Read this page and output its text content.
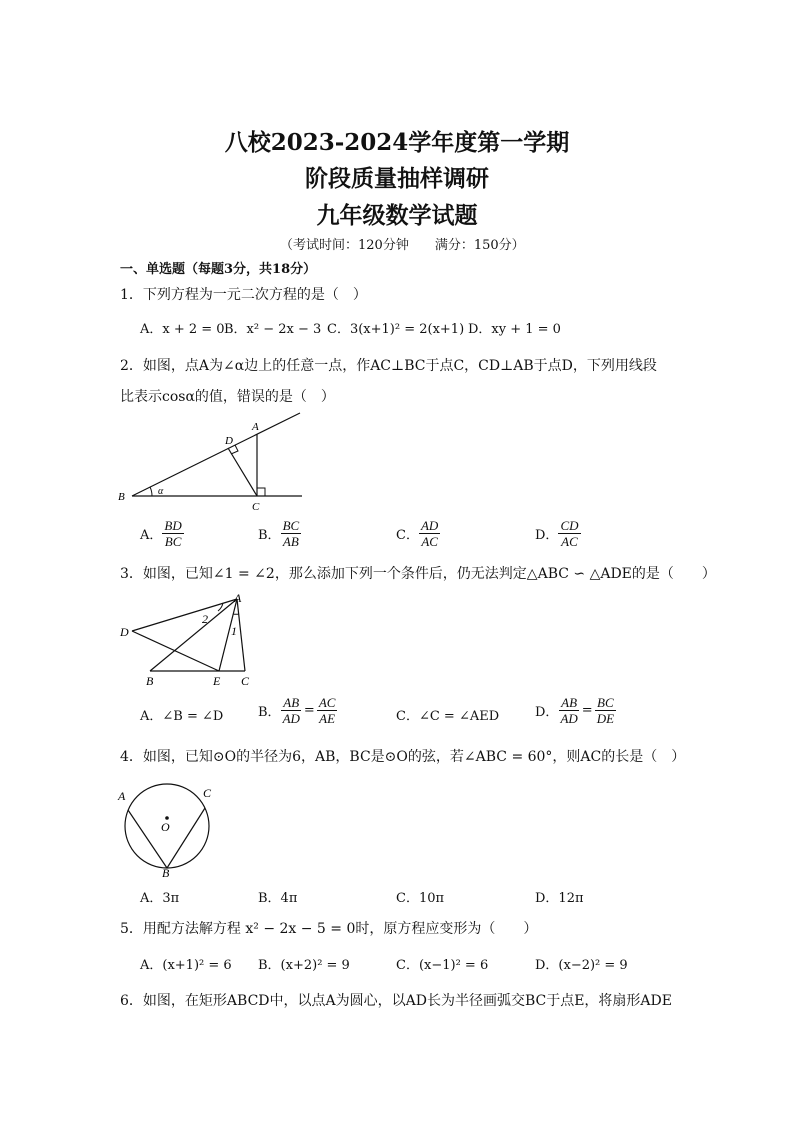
八校2023-2024学年度第一学期
阶段质量抽样调研
九年级数学试题
（考试时间：120分钟　　满分：150分）
一、单选题（每题3分，共18分）
1．下列方程为一元二次方程的是（　）
A．x + 2 = 0 B．x² − 2x − 3 C．3(x+1)² = 2(x+1) D．xy + 1 = 0
2．如图，点A为∠α边上的任意一点，作AC⊥BC于点C，CD⊥AB于点D，下列用线段
比表示cosα的值，错误的是（　）
B
C
A
D
α
A． $\frac{BD}{BC}$	B． $\frac{BC}{AB}$	C． $\frac{AD}{AC}$	D． $\frac{CD}{AC}$
3．如图，已知∠1 = ∠2，那么添加下列一个条件后，仍无法判定△ABC ∽ △ADE的是（　　）
D
B	E C
A
2
1
A．∠B = ∠D	B． $\frac{AB}{AD} = \frac{AC}{AE}$	C．∠C = ∠AED	D． $\frac{AB}{AD} = \frac{BC}{DE}$
4．如图，已知⊙O的半径为6，AB，BC是⊙O的弦，若∠ABC = 60°，则AC的长是（　）
A	C
O
B
A．3π	B．4π	C．10π	D．12π
5．用配方法解方程 x² − 2x − 5 = 0时，原方程应变形为（　　）
A．(x+1)² = 6 B．(x+2)² = 9	C．(x−1)² = 6	D．(x−2)² = 9
6．如图，在矩形ABCD中，以点A为圆心，以AD长为半径画弧交BC于点E，将扇形ADE
